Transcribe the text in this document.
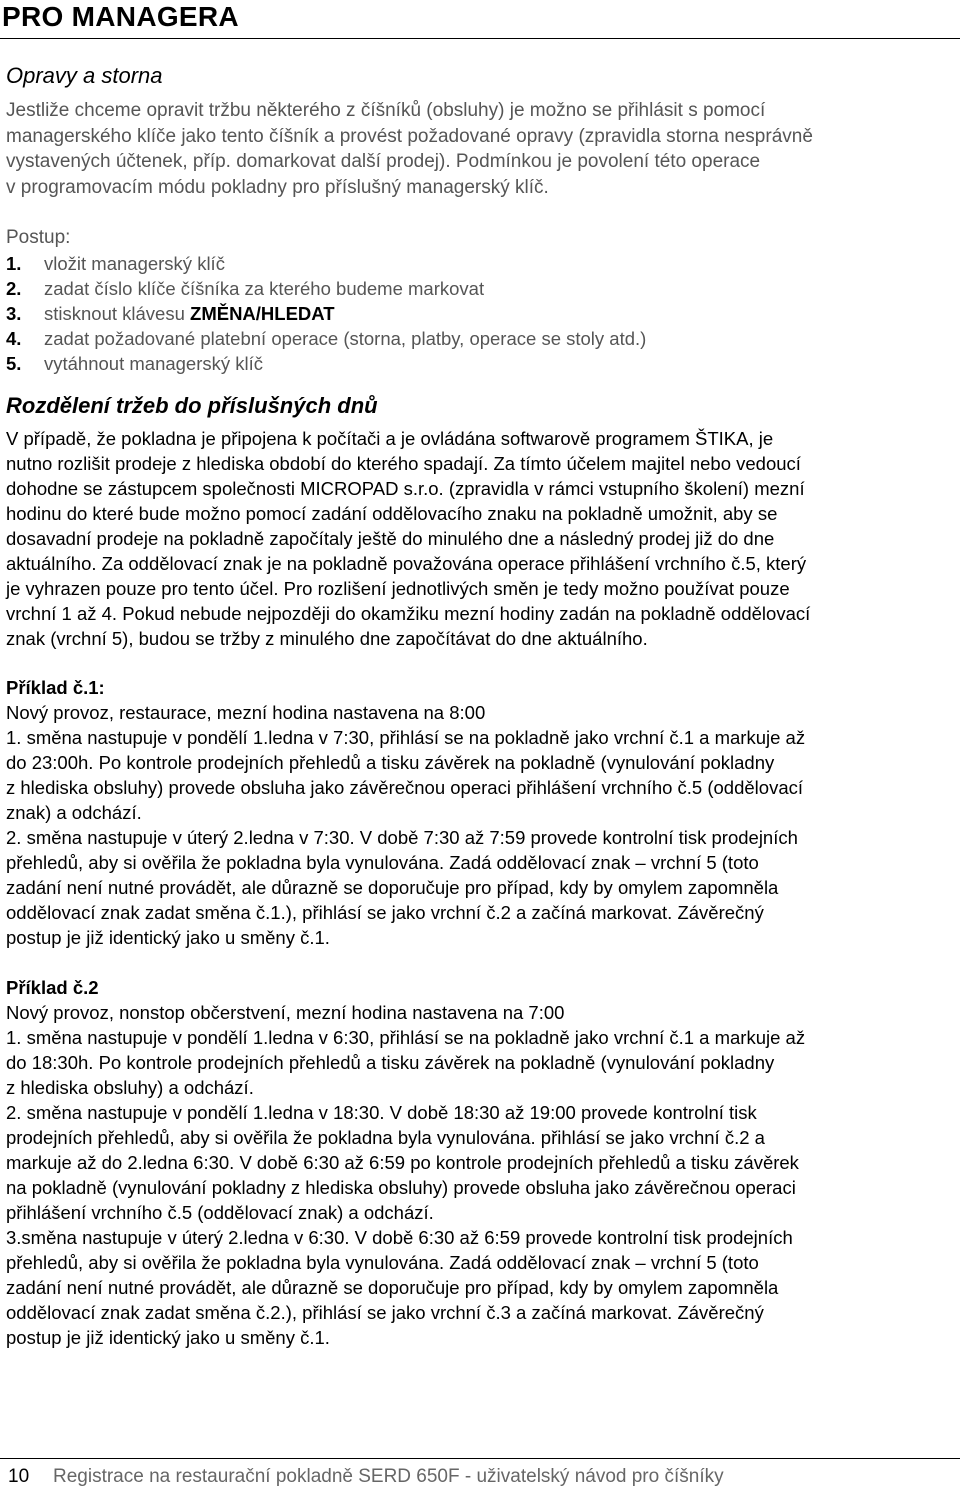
PRO MANAGERA
Opravy a storna

Jestliže chceme opravit tržbu některého z číšníků (obsluhy) je možno se přihlásit s pomocí

managerského klíče jako tento číšník a provést požadované opravy (zpravidla storna nesprávně

vystavených účtenek, příp. domarkovat další prodej). Podmínkou je povolení této operace

v programovacím módu pokladny pro příslušný managerský klíč.

Postup:

1. vložit managerský klíč
2. zadat číslo klíče číšníka za kterého budeme markovat
3. stisknout klávesu ZMĚNA/HLEDAT
4. zadat požadované platební operace (storna, platby, operace se stoly atd.)
5. vytáhnout managerský klíč
Rozdělení tržeb do příslušných dnů

V případě, že pokladna je připojena k počítači a je ovládána softwarově programem ŠTIKA, je

nutno rozlišit prodeje z hlediska období do kterého spadají. Za tímto účelem majitel nebo vedoucí

dohodne se zástupcem společnosti MICROPAD s.r.o. (zpravidla v rámci vstupního školení) mezní

hodinu do které bude možno pomocí zadání oddělovacího znaku na pokladně umožnit, aby se

dosavadní prodeje na pokladně započítaly ještě do minulého dne a následný prodej již do dne

aktuálního. Za oddělovací znak je na pokladně považována operace přihlášení vrchního č.5, který

je vyhrazen pouze pro tento účel. Pro rozlišení jednotlivých směn je tedy možno používat pouze

vrchní 1 až 4. Pokud nebude nejpozději do okamžiku mezní hodiny zadán na pokladně oddělovací

znak (vrchní 5), budou se tržby z minulého dne započítávat do dne aktuálního.

Příklad č.1:

Nový provoz, restaurace, mezní hodina nastavena na 8:00

1. směna nastupuje v pondělí 1.ledna v 7:30, přihlásí se na pokladně jako vrchní č.1 a markuje až

do 23:00h. Po kontrole prodejních přehledů a tisku závěrek na pokladně (vynulování pokladny

z hlediska obsluhy) provede obsluha jako závěrečnou operaci přihlášení vrchního č.5 (oddělovací

znak) a odchází.

2. směna nastupuje v úterý 2.ledna v 7:30. V době 7:30 až 7:59 provede kontrolní tisk prodejních

přehledů, aby si ověřila že pokladna byla vynulována. Zadá oddělovací znak – vrchní 5 (toto

zadání není nutné provádět, ale důrazně se doporučuje pro případ, kdy by omylem zapomněla

oddělovací znak zadat směna č.1.), přihlásí se jako vrchní č.2 a začíná markovat. Závěrečný

postup je již identický jako u směny č.1.

Příklad č.2

Nový provoz, nonstop občerstvení, mezní hodina nastavena na 7:00

1. směna nastupuje v pondělí 1.ledna v 6:30, přihlásí se na pokladně jako vrchní č.1 a markuje až

do 18:30h. Po kontrole prodejních přehledů a tisku závěrek na pokladně (vynulování pokladny

z hlediska obsluhy) a odchází.

2. směna nastupuje v pondělí 1.ledna v 18:30. V době 18:30 až 19:00 provede kontrolní tisk

prodejních přehledů, aby si ověřila že pokladna byla vynulována. přihlásí se jako vrchní č.2 a

markuje až do 2.ledna 6:30. V době 6:30 až 6:59 po kontrole prodejních přehledů a tisku závěrek

na pokladně (vynulování pokladny z hlediska obsluhy) provede obsluha jako závěrečnou operaci

přihlášení vrchního č.5 (oddělovací znak) a odchází.

3.směna nastupuje v úterý 2.ledna v 6:30. V době 6:30 až 6:59 provede kontrolní tisk prodejních

přehledů, aby si ověřila že pokladna byla vynulována. Zadá oddělovací znak – vrchní 5 (toto

zadání není nutné provádět, ale důrazně se doporučuje pro případ, kdy by omylem zapomněla

oddělovací znak zadat směna č.2.), přihlásí se jako vrchní č.3 a začíná markovat. Závěrečný

postup je již identický jako u směny č.1.

10 Registrace na restaurační pokladně SERD 650F - uživatelský návod pro číšníky
